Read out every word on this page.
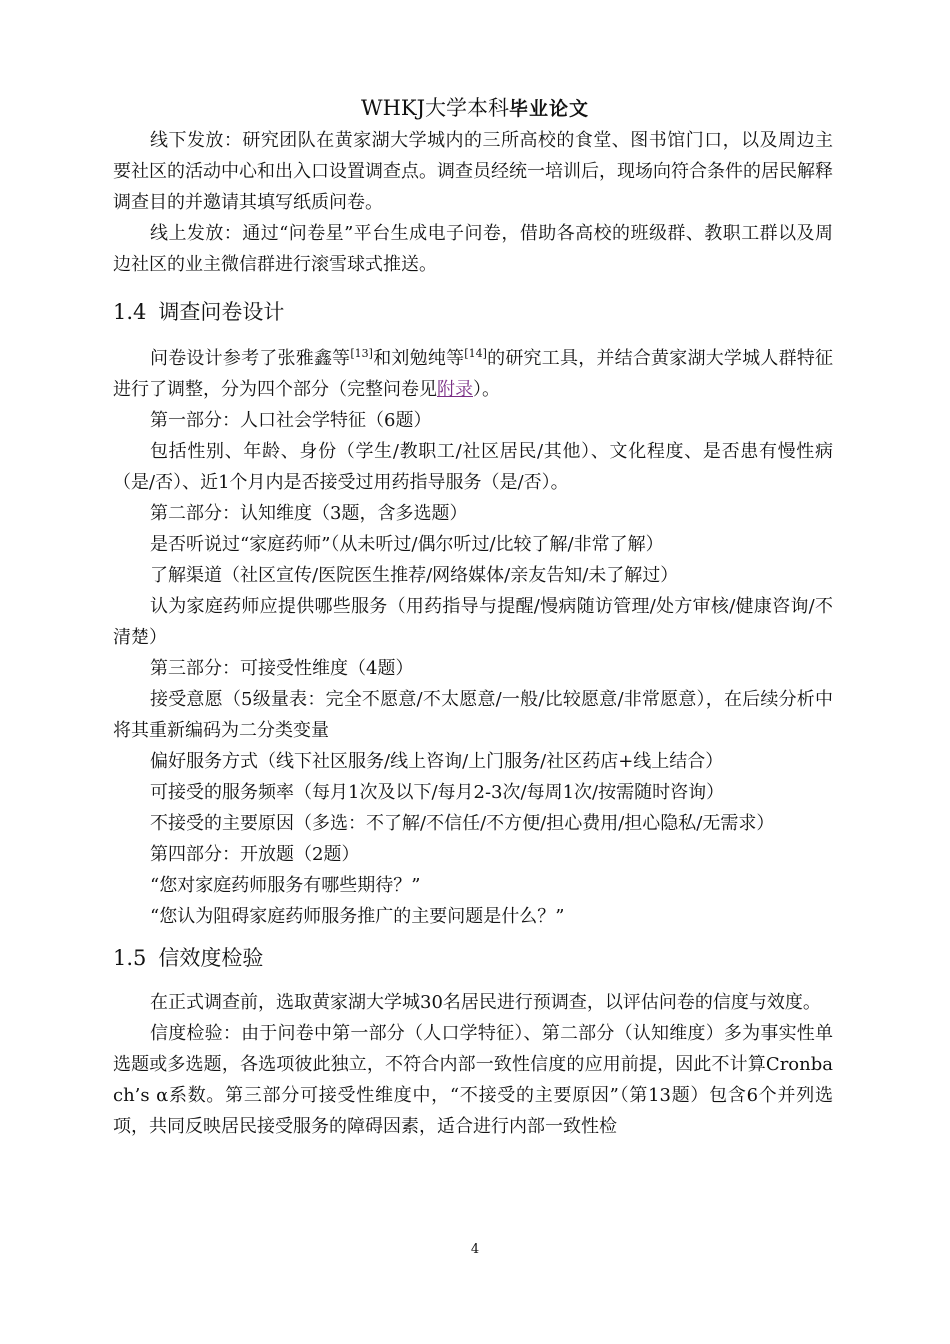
WHKJ大学本科毕业论文

线下发放：研究团队在黄家湖大学城内的三所高校的食堂、图书馆门口，以及周边主要社区的活动中心和出入口设置调查点。调查员经统一培训后，现场向符合条件的居民解释调查目的并邀请其填写纸质问卷。

线上发放：通过“问卷星”平台生成电子问卷，借助各高校的班级群、教职工群以及周边社区的业主微信群进行滚雪球式推送。

1.4 调查问卷设计

问卷设计参考了张雅鑫等[13]和刘勉纯等[14]的研究工具，并结合黄家湖大学城人群特征进行了调整，分为四个部分（完整问卷见附录）。

第一部分：人口社会学特征（6题）

包括性别、年龄、身份（学生/教职工/社区居民/其他）、文化程度、是否患有慢性病（是/否）、近1个月内是否接受过用药指导服务（是/否）。

第二部分：认知维度（3题，含多选题）

是否听说过“家庭药师”（从未听过/偶尔听过/比较了解/非常了解）

了解渠道（社区宣传/医院医生推荐/网络媒体/亲友告知/未了解过）

认为家庭药师应提供哪些服务（用药指导与提醒/慢病随访管理/处方审核/健康咨询/不清楚）

第三部分：可接受性维度（4题）

接受意愿（5级量表：完全不愿意/不太愿意/一般/比较愿意/非常愿意），在后续分析中将其重新编码为二分类变量

偏好服务方式（线下社区服务/线上咨询/上门服务/社区药店+线上结合）

可接受的服务频率（每月1次及以下/每月2-3次/每周1次/按需随时咨询）

不接受的主要原因（多选：不了解/不信任/不方便/担心费用/担心隐私/无需求）

第四部分：开放题（2题）

“您对家庭药师服务有哪些期待？”

“您认为阻碍家庭药师服务推广的主要问题是什么？”

1.5 信效度检验

在正式调查前，选取黄家湖大学城30名居民进行预调查，以评估问卷的信度与效度。

信度检验：由于问卷中第一部分（人口学特征）、第二部分（认知维度）多为事实性单选题或多选题，各选项彼此独立，不符合内部一致性信度的应用前提，因此不计算Cronbach’s α系数。第三部分可接受性维度中，“不接受的主要原因”（第13题）包含6个并列选项，共同反映居民接受服务的障碍因素，适合进行内部一致性检

4
